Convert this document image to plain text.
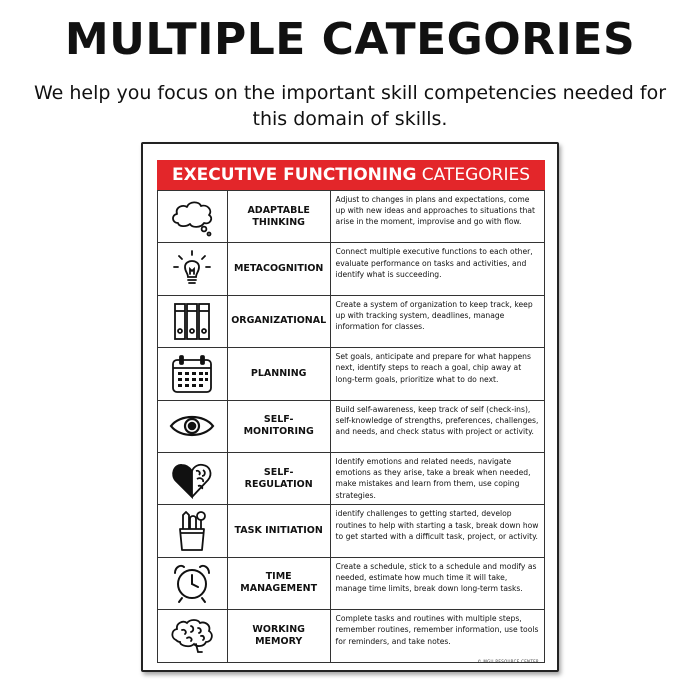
MULTIPLE CATEGORIES
We help you focus on the important skill competencies needed for this domain of skills.
EXECUTIVE FUNCTIONING CATEGORIES
ADAPTABLE
THINKING
Adjust to changes in plans and expectations, come up with new ideas and approaches to situations that arise in the moment, improvise and go with flow.
METACOGNITION
Connect multiple executive functions to each other, evaluate performance on tasks and activities, and identify what is succeeding.
ORGANIZATIONAL
Create a system of organization to keep track, keep up with tracking system, deadlines, manage information for classes.
PLANNING
Set goals, anticipate and prepare for what happens next, identify steps to reach a goal, chip away at long-term goals, prioritize what to do next.
SELF-
MONITORING
Build self-awareness, keep track of self (check-ins), self-knowledge of strengths, preferences, challenges, and needs, and check status with project or activity.
SELF-REGULATION
Identify emotions and related needs, navigate emotions as they arise, take a break when needed, make mistakes and learn from them, use coping strategies.
TASK INITIATION
identify challenges to getting started, develop routines to help with starting a task, break down how to get started with a difficult task, project, or activity.
TIME
MANAGEMENT
Create a schedule, stick to a schedule and modify as needed, estimate how much time it will take, manage time limits, break down long-term tasks.
WORKING
MEMORY
Complete tasks and routines with multiple steps, remember routines, remember information, use tools for reminders, and take notes.
© MGU RESOURCE CENTER
